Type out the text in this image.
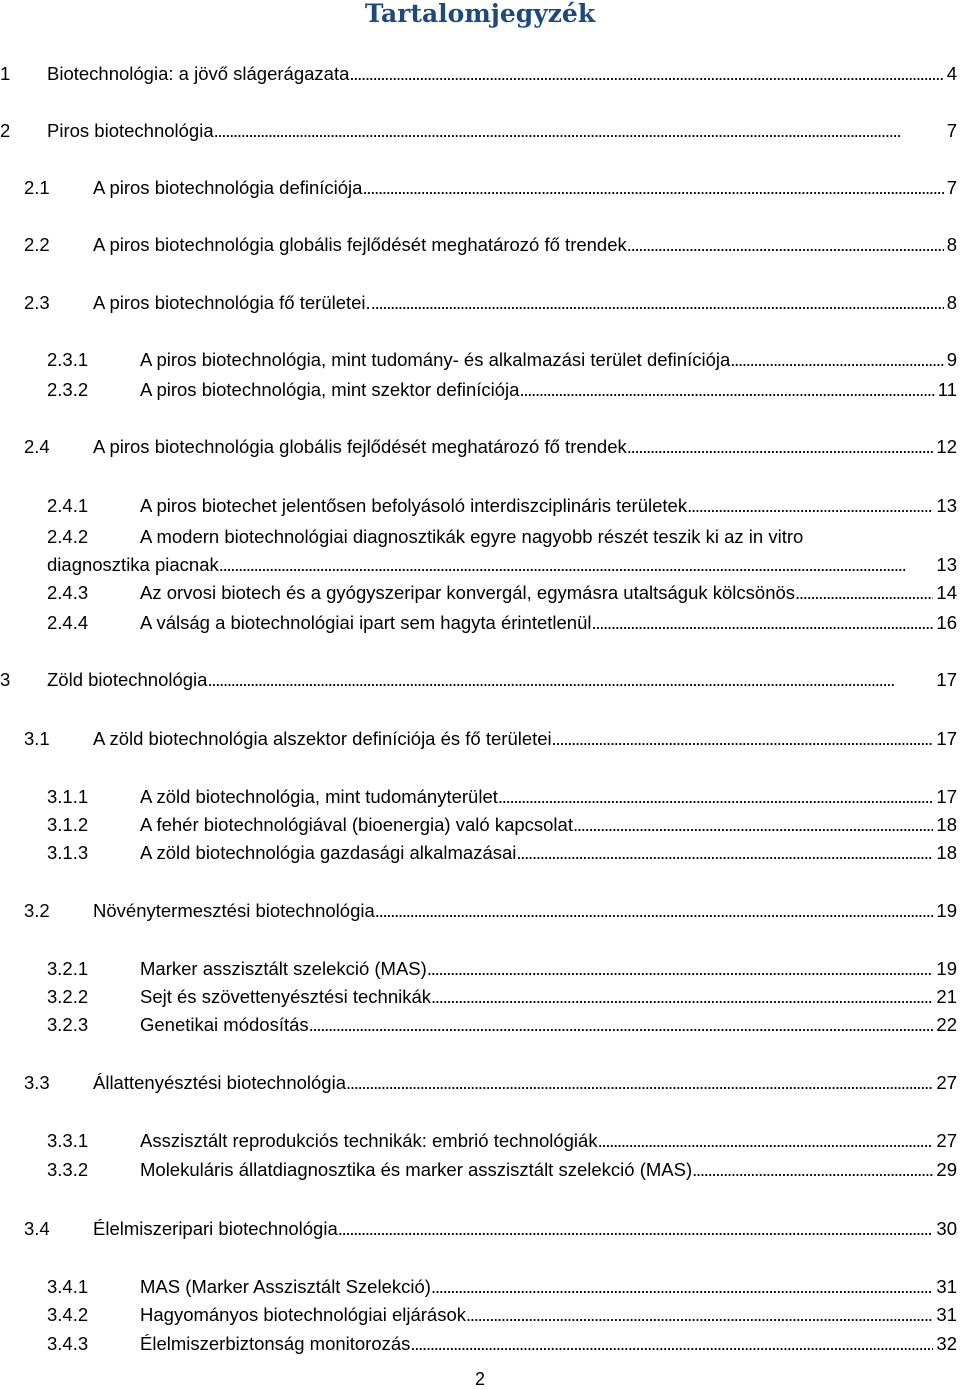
Tartalomjegyzék
1 Biotechnológia: a jövő slágerágazata . . .	4
2 Piros biotechnológia . . .	7
2.1 A piros biotechnológia definíciója . . .	7
2.2 A piros biotechnológia globális fejlődését meghatározó fő trendek . . .	8
2.3 A piros biotechnológia fő területei. . . .	8
2.3.1	A piros biotechnológia, mint tudomány- és alkalmazási terület definíciója . . .	9
2.3.2	A piros biotechnológia, mint szektor definíciója . . .	11
2.4 A piros biotechnológia globális fejlődését meghatározó fő trendek . . .	12
2.4.1	A piros biotechet jelentősen befolyásoló interdiszciplináris területek . . .	13
2.4.2	A modern biotechnológiai diagnosztikák egyre nagyobb részét teszik ki az in vitro
diagnosztika piacnak . . .	13
2.4.3	Az orvosi biotech és a gyógyszeripar konvergál, egymásra utaltságuk kölcsönös . . .	14
2.4.4	A válság a biotechnológiai ipart sem hagyta érintetlenül . . .	16
3 Zöld biotechnológia . . .	17
3.1 A zöld biotechnológia alszektor definíciója és fő területei . . .	17
3.1.1	A zöld biotechnológia, mint tudományterület . . .	17
3.1.2	A fehér biotechnológiával (bioenergia) való kapcsolat . . .	18
3.1.3	A zöld biotechnológia gazdasági alkalmazásai . . .	18
3.2 Növénytermesztési biotechnológia . . .	19
3.2.1	Marker asszisztált szelekció (MAS) . . .	19
3.2.2	Sejt és szövettenyésztési technikák . . .	21
3.2.3	Genetikai módosítás . . .	22
3.3 Állattenyésztési biotechnológia . . .	27
3.3.1	Asszisztált reprodukciós technikák: embrió technológiák . . .	27
3.3.2	Molekuláris állatdiagnosztika és marker asszisztált szelekció (MAS) . . .	29
3.4 Élelmiszeripari biotechnológia . . .	30
3.4.1	MAS (Marker Asszisztált Szelekció) . . .	31
3.4.2	Hagyományos biotechnológiai eljárások . . .	31
3.4.3	Élelmiszerbiztonság monitorozás . . .	32
2
